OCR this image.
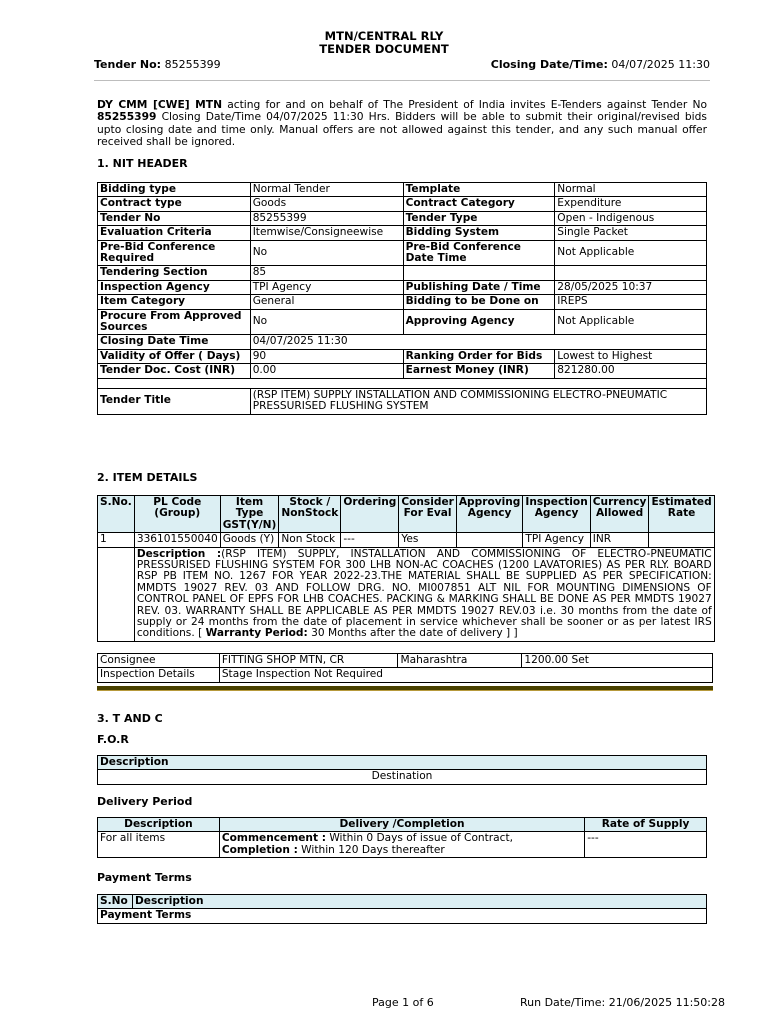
MTN/CENTRAL RLY
TENDER DOCUMENT
Tender No: 85255399	Closing Date/Time: 04/07/2025 11:30
DY CMM [CWE] MTN acting for and on behalf of The President of India invites E-Tenders against Tender No 85255399 Closing Date/Time 04/07/2025 11:30 Hrs. Bidders will be able to submit their original/revised bids upto closing date and time only. Manual offers are not allowed against this tender, and any such manual offer received shall be ignored.
1. NIT HEADER
Bidding type	Normal Tender	Template	Normal
Contract type	Goods	Contract Category	Expenditure
Tender No	85255399	Tender Type	Open - Indigenous
Evaluation Criteria	Itemwise/Consigneewise	Bidding System	Single Packet
Pre-Bid Conference Required	No	Pre-Bid Conference Date Time	Not Applicable
Tendering Section	85		
Inspection Agency	TPI Agency	Publishing Date / Time	28/05/2025 10:37
Item Category	General	Bidding to be Done on	IREPS
Procure From Approved Sources	No	Approving Agency	Not Applicable
Closing Date Time	04/07/2025 11:30		
Validity of Offer ( Days)	90	Ranking Order for Bids	Lowest to Highest
Tender Doc. Cost (INR)	0.00	Earnest Money (INR)	821280.00

Tender Title	(RSP ITEM) SUPPLY INSTALLATION AND COMMISSIONING ELECTRO-PNEUMATIC PRESSURISED FLUSHING SYSTEM		
2. ITEM DETAILS
S.No.	PL Code (Group)	Item Type GST(Y/N)	Stock / NonStock	Ordering	Consider For Eval	Approving Agency	Inspection Agency	Currency Allowed	Estimated Rate
1	336101550040	Goods (Y)	Non Stock	---	Yes		TPI Agency	INR	
	Description :(RSP ITEM) SUPPLY, INSTALLATION AND COMMISSIONING OF ELECTRO-PNEUMATIC PRESSURISED FLUSHING SYSTEM FOR 300 LHB NON-AC COACHES (1200 LAVATORIES) AS PER RLY. BOARD RSP PB ITEM NO. 1267 FOR YEAR 2022-23.THE MATERIAL SHALL BE SUPPLIED AS PER SPECIFICATION: MMDTS 19027 REV. 03 AND FOLLOW DRG. NO. MI007851 ALT NIL FOR MOUNTING DIMENSIONS OF CONTROL PANEL OF EPFS FOR LHB COACHES. PACKING & MARKING SHALL BE DONE AS PER MMDTS 19027 REV. 03. WARRANTY SHALL BE APPLICABLE AS PER MMDTS 19027 REV.03 i.e. 30 months from the date of supply or 24 months from the date of placement in service whichever shall be sooner or as per latest IRS conditions. [ Warranty Period: 30 Months after the date of delivery ] ]								
Consignee	FITTING SHOP MTN, CR	Maharashtra	1200.00 Set
Inspection Details	Stage Inspection Not Required		
3. T AND C
F.O.R
Description
Destination
Delivery Period
Description	Delivery /Completion	Rate of Supply
For all items	Commencement : Within 0 Days of issue of Contract, Completion : Within 120 Days thereafter	---
Payment Terms
S.No	Description
Payment Terms
Page 1 of 6	Run Date/Time: 21/06/2025 11:50:28
